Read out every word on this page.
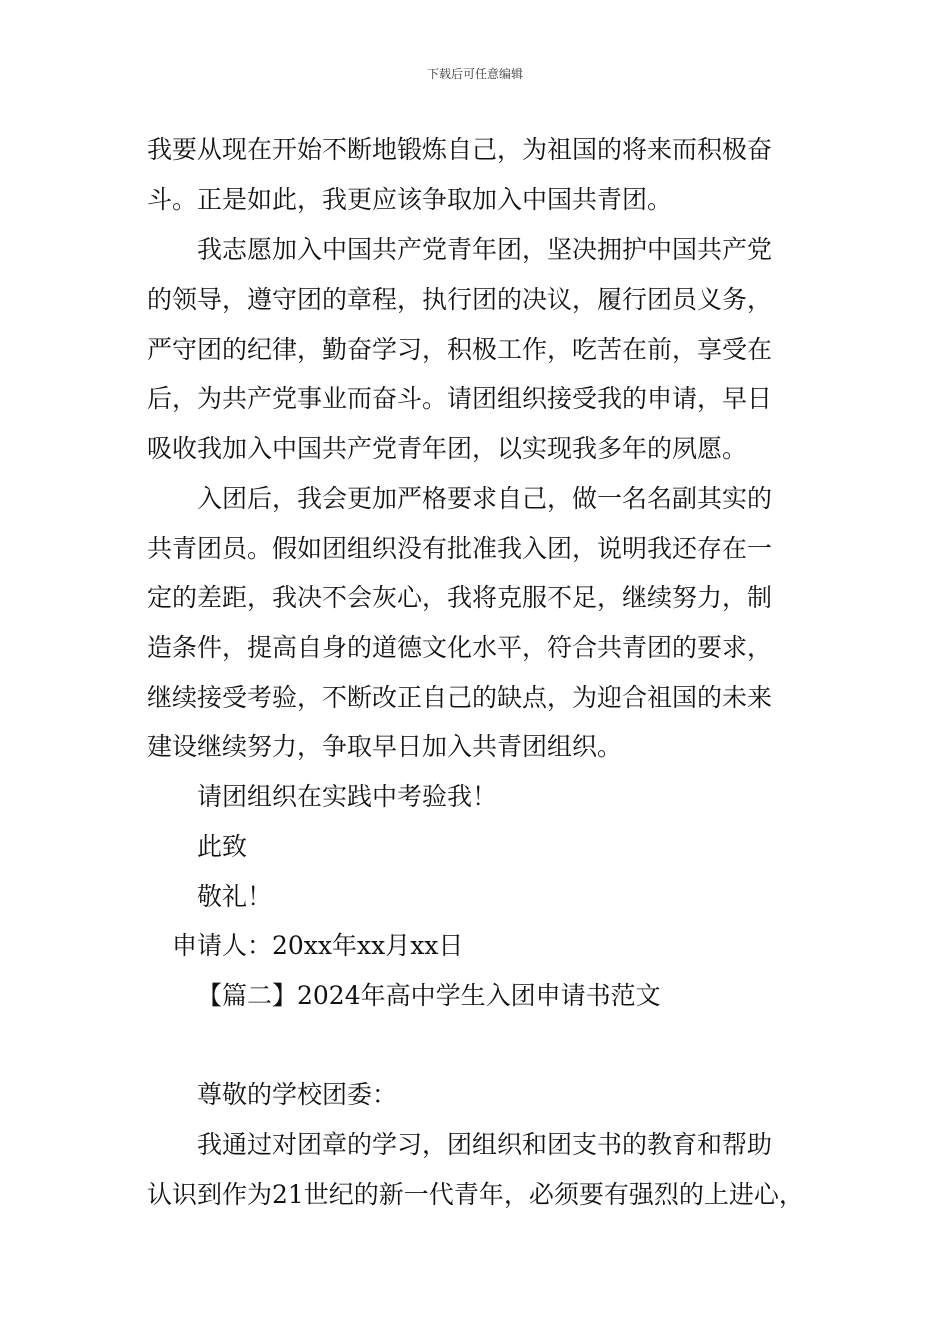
下载后可任意编辑
我要从现在开始不断地锻炼自己，为祖国的将来而积极奋
斗。正是如此，我更应该争取加入中国共青团。
我志愿加入中国共产党青年团，坚决拥护中国共产党
的领导，遵守团的章程，执行团的决议，履行团员义务，
严守团的纪律，勤奋学习，积极工作，吃苦在前，享受在
后，为共产党事业而奋斗。请团组织接受我的申请，早日
吸收我加入中国共产党青年团，以实现我多年的夙愿。
入团后，我会更加严格要求自己，做一名名副其实的
共青团员。假如团组织没有批准我入团，说明我还存在一
定的差距，我决不会灰心，我将克服不足，继续努力，制
造条件，提高自身的道德文化水平，符合共青团的要求，
继续接受考验，不断改正自己的缺点，为迎合祖国的未来
建设继续努力，争取早日加入共青团组织。
请团组织在实践中考验我！
此致
敬礼！
申请人：20xx年xx月xx日
【篇二】2024年高中学生入团申请书范文
尊敬的学校团委：
我通过对团章的学习，团组织和团支书的教育和帮助
认识到作为21世纪的新一代青年，必须要有强烈的上进心，
